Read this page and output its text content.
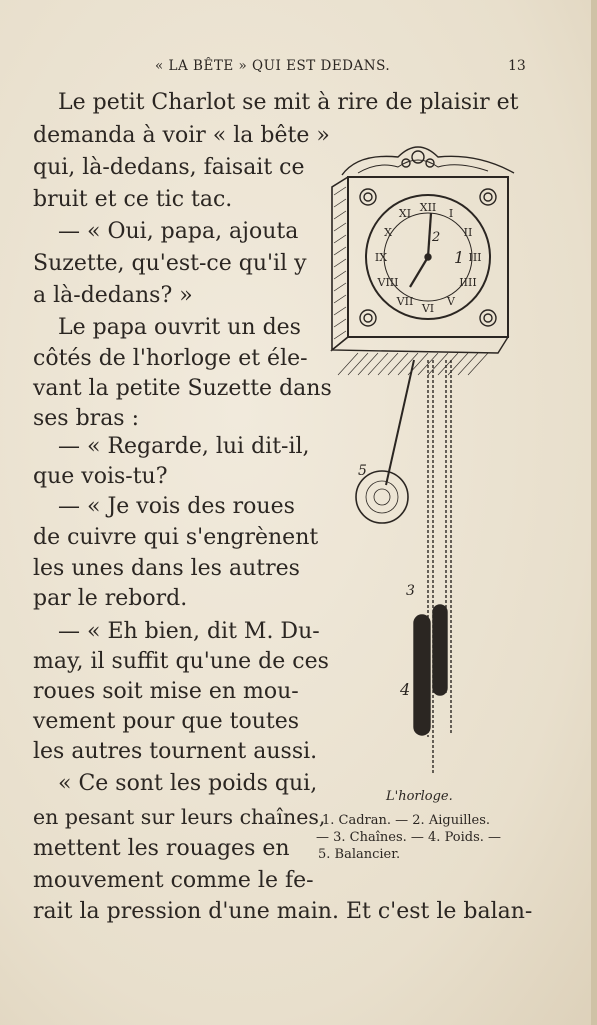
« LA BÊTE » QUI EST DEDANS.	13
Le petit Charlot se mit à rire de plaisir et
demanda à voir « la bête »
qui, là-dedans, faisait ce
bruit et ce tic tac.
— « Oui, papa, ajouta
Suzette, qu'est-ce qu'il y
a là-dedans? »
Le papa ouvrit un des
côtés de l'horloge et éle-
vant la petite Suzette dans
ses bras :
— « Regarde, lui dit-il,
que vois-tu?
— « Je vois des roues
de cuivre qui s'engrènent
les unes dans les autres
par le rebord.
— « Eh bien, dit M. Du-
may, il suffit qu'une de ces
roues soit mise en mou-
vement pour que toutes
les autres tournent aussi.
« Ce sont les poids qui,
en pesant sur leurs chaînes,
mettent les rouages en
mouvement comme le fe-
rait la pression d'une main. Et c'est le balan-
XII I
II
III
IIII
V
VI
VII
VIII
IX
X
XI
1
2
3
4
5
L'horloge.
1. Cadran. — 2. Aiguilles.
— 3. Chaînes. — 4. Poids. —
5. Balancier.
